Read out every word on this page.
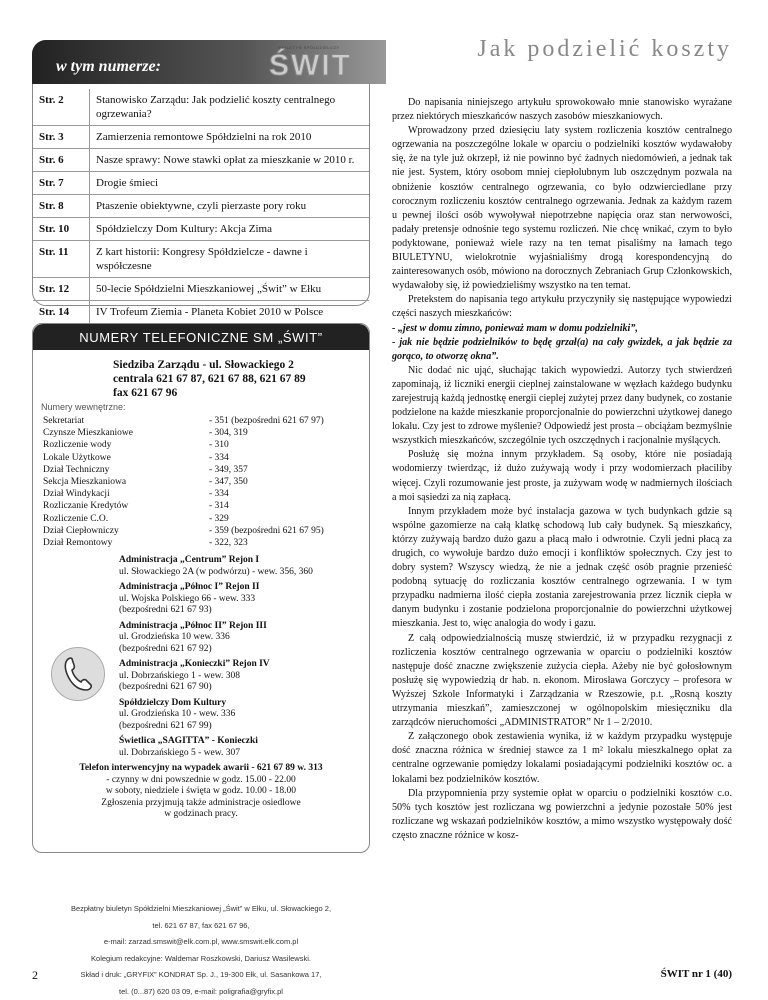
w tym numerze:
BIULETYN SPÓŁDZIELCZY
ŚWIT
Str. 2	Stanowisko Zarządu: Jak podzielić koszty centralnego ogrzewania?
Str. 3	Zamierzenia remontowe Spółdzielni na rok 2010
Str. 6	Nasze sprawy: Nowe stawki opłat za mieszkanie w 2010 r.
Str. 7	Drogie śmieci
Str. 8	Ptaszenie obiektywne, czyli pierzaste pory roku
Str. 10	Spółdzielczy Dom Kultury: Akcja Zima
Str. 11	Z kart historii: Kongresy Spółdzielcze - dawne i współczesne
Str. 12	50-lecie Spółdzielni Mieszkaniowej „Świt” w Ełku
Str. 14	IV Trofeum Ziemia - Planeta Kobiet 2010 w Polsce
NUMERY TELEFONICZNE SM „ŚWIT”
Siedziba Zarządu - ul. Słowackiego 2
centrala 621 67 87, 621 67 88, 621 67 89
fax 621 67 96
Numery wewnętrzne:
Sekretariat	- 351 (bezpośredni 621 67 97)
Czynsze Mieszkaniowe	- 304, 319
Rozliczenie wody	- 310
Lokale Użytkowe	- 334
Dział Techniczny	- 349, 357
Sekcja Mieszkaniowa	- 347, 350
Dział Windykacji	- 334
Rozliczanie Kredytów	- 314
Rozliczenie C.O.	- 329
Dział Ciepłowniczy	- 359 (bezpośredni 621 67 95)
Dział Remontowy	- 322, 323
Administracja „Centrum” Rejon I
ul. Słowackiego 2A (w podwórzu) - wew. 356, 360
Administracja „Północ I” Rejon II
ul. Wojska Polskiego 66 - wew. 333
(bezpośredni 621 67 93)
Administracja „Północ II” Rejon III
ul. Grodzieńska 10 wew. 336
(bezpośredni 621 67 92)
Administracja „Konieczki” Rejon IV
ul. Dobrzańskiego 1 - wew. 308
(bezpośredni 621 67 90)
Spółdzielczy Dom Kultury
ul. Grodzieńska 10 - wew. 336
(bezpośredni 621 67 99)
Świetlica „SAGITTA” - Konieczki
ul. Dobrzańskiego 5 - wew. 307
Telefon interwencyjny na wypadek awarii - 621 67 89 w. 313
- czynny w dni powszednie w godz. 15.00 - 22.00
w soboty, niedziele i święta w godz. 10.00 - 18.00
Zgłoszenia przyjmują także administracje osiedlowe
w godzinach pracy.
Bezpłatny biuletyn Spółdzielni Mieszkaniowej „Świt” w Ełku, ul. Słowackiego 2,
tel. 621 67 87, fax 621 67 96,
e-mail: zarzad.smswit@elk.com.pl, www.smswit.elk.com.pl
Kolegium redakcyjne: Waldemar Roszkowski, Dariusz Wasilewski.
Skład i druk: „GRYFIX” KONDRAT Sp. J., 19-300 Ełk, ul. Sasankowa 17,
tel. (0...87) 620 03 09, e-mail: poligrafia@gryfix.pl
2
Jak podzielić koszty

Do napisania niniejszego artykułu sprowokowało mnie stanowisko wyrażane przez niektórych mieszkańców naszych zasobów mieszkaniowych.

Wprowadzony przed dziesięciu laty system rozliczenia kosztów centralnego ogrzewania na poszczególne lokale w oparciu o podzielniki kosztów wydawałoby się, że na tyle już okrzepł, iż nie powinno być żadnych niedomówień, a jednak tak nie jest. System, który osobom mniej ciepłolubnym lub oszczędnym pozwala na obniżenie kosztów centralnego ogrzewania, co było odzwierciedlane przy corocznym rozliczeniu kosztów centralnego ogrzewania. Jednak za każdym razem u pewnej ilości osób wywoływał niepotrzebne napięcia oraz stan nerwowości, padały pretensje odnośnie tego systemu rozliczeń. Nie chcę wnikać, czym to było podyktowane, ponieważ wiele razy na ten temat pisaliśmy na łamach tego BIULETYNU, wielokrotnie wyjaśnialiśmy drogą korespondencyjną do zainteresowanych osób, mówiono na dorocznych Zebraniach Grup Członkowskich, wydawałoby się, iż powiedzieliśmy wszystko na ten temat.

Pretekstem do napisania tego artykułu przyczyniły się następujące wypowiedzi części naszych mieszkańców:

- „jest w domu zimno, ponieważ mam w domu podzielniki”,

- jak nie będzie podzielników to będę grzał(a) na cały gwizdek, a jak będzie za gorąco, to otworzę okna”.

Nic dodać nic ująć, słuchając takich wypowiedzi. Autorzy tych stwierdzeń zapominają, iż liczniki energii cieplnej zainstalowane w węzłach każdego budynku zarejestrują każdą jednostkę energii cieplej zużytej przez dany budynek, co zostanie podzielone na każde mieszkanie proporcjonalnie do powierzchni użytkowej danego lokalu. Czy jest to zdrowe myślenie? Odpowiedź jest prosta – obciążam bezmyślnie wszystkich mieszkańców, szczególnie tych oszczędnych i racjonalnie myślących.

Posłużę się można innym przykładem. Są osoby, które nie posiadają wodomierzy twierdząc, iż dużo zużywają wody i przy wodomierzach płaciliby więcej. Czyli rozumowanie jest proste, ja zużywam wodę w nadmiernych ilościach a moi sąsiedzi za nią zapłacą.

Innym przykładem może być instalacja gazowa w tych budynkach gdzie są wspólne gazomierze na całą klatkę schodową lub cały budynek. Są mieszkańcy, którzy zużywają bardzo dużo gazu a płacą mało i odwrotnie. Czyli jedni płacą za drugich, co wywołuje bardzo dużo emocji i konfliktów społecznych. Czy jest to dobry system? Wszyscy wiedzą, że nie a jednak część osób pragnie przenieść podobną sytuację do rozliczania kosztów centralnego ogrzewania. I w tym przypadku nadmierna ilość ciepła zostania zarejestrowania przez licznik ciepła w danym budynku i zostanie podzielona proporcjonalnie do powierzchni użytkowej mieszkania. Jest to, więc analogia do wody i gazu.

Z całą odpowiedzialnością muszę stwierdzić, iż w przypadku rezygnacji z rozliczenia kosztów centralnego ogrzewania w oparciu o podzielniki kosztów następuje dość znaczne zwiększenie zużycia ciepła. Ażeby nie być gołosłownym posłużę się wypowiedzią dr hab. n. ekonom. Mirosława Gorczycy – profesora w Wyższej Szkole Informatyki i Zarządzania w Rzeszowie, p.t. „Rosną koszty utrzymania mieszkań”, zamieszczonej w ogólnopolskim miesięczniku dla zarządców nieruchomości „ADMINISTRATOR” Nr 1 – 2/2010.

Z załączonego obok zestawienia wynika, iż w każdym przypadku występuje dość znaczna różnica w średniej stawce za 1 m² lokalu mieszkalnego opłat za centralne ogrzewanie pomiędzy lokalami posiadającymi podzielniki kosztów oc. a lokalami bez podzielników kosztów.

Dla przypomnienia przy systemie opłat w oparciu o podzielniki kosztów c.o. 50% tych kosztów jest rozliczana wg powierzchni a jedynie pozostałe 50% jest rozliczane wg wskazań podzielników kosztów, a mimo wszystko występowały dość często znaczne różnice w kosz-

ŚWIT nr 1 (40)
